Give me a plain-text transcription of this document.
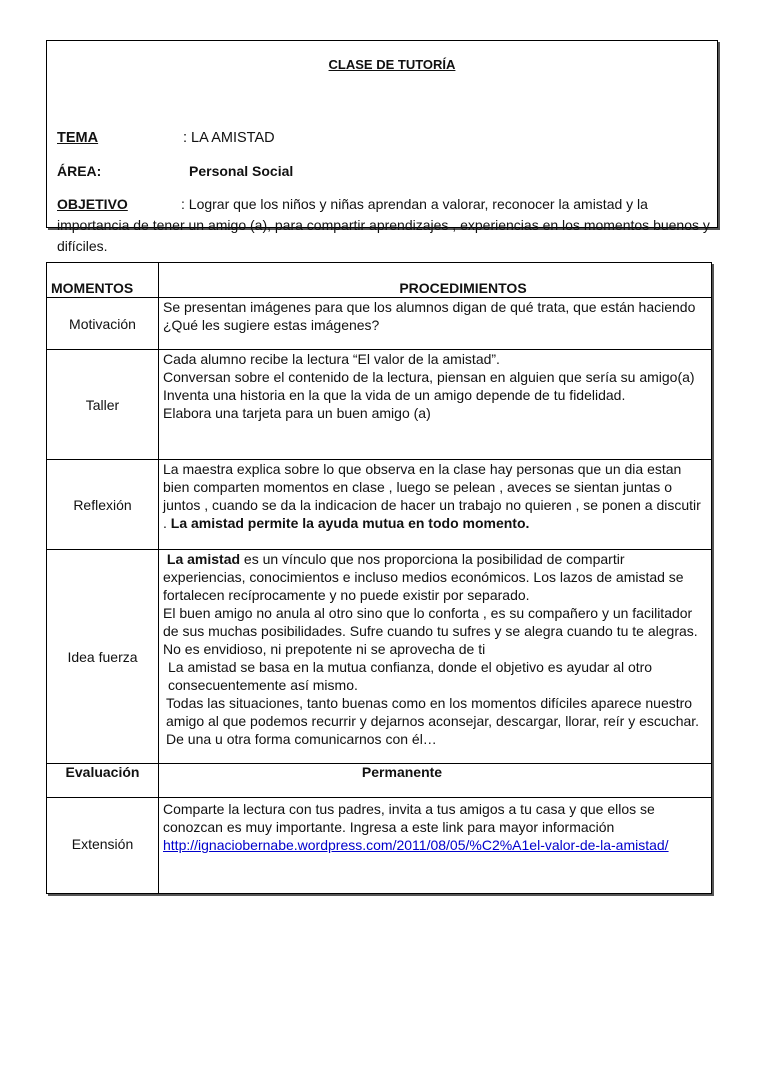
CLASE DE TUTORÍA
TEMA	: LA AMISTAD
ÁREA:	Personal Social
OBJETIVO	: Lograr que los niños y niñas aprendan a valorar, reconocer la amistad y la importancia de tener un amigo (a), para compartir aprendizajes , experiencias en los momentos buenos y difíciles.
MOMENTOS	PROCEDIMIENTOS
Motivación	Se presentan imágenes para que los alumnos digan de qué trata, que están haciendo ¿Qué les sugiere estas imágenes?
Taller	Cada alumno recibe la lectura “El valor de la amistad”.
Conversan sobre el contenido de la lectura, piensan en alguien que sería su amigo(a)
Inventa una historia en la que la vida de un amigo depende de tu fidelidad.
Elabora una tarjeta para un buen amigo (a)

Reflexión	La maestra explica sobre lo que observa en la clase hay personas que un dia estan bien comparten momentos en clase , luego se pelean , aveces se sientan juntas o juntos , cuando se da la indicacion de hacer un trabajo no quieren , se ponen a discutir . La amistad permite la ayuda mutua en todo momento.
Idea fuerza	La amistad es un vínculo que nos proporciona la posibilidad de compartir experiencias, conocimientos e incluso medios económicos. Los lazos de amistad se fortalecen recíprocamente y no puede existir por separado.
El buen amigo no anula al otro sino que lo conforta , es su compañero y un facilitador de sus muchas posibilidades. Sufre cuando tu sufres y se alegra cuando tu te alegras. No es envidioso, ni prepotente ni se aprovecha de ti
La amistad se basa en la mutua confianza, donde el objetivo es ayudar al otro consecuentemente así mismo.
Todas las situaciones, tanto buenas como en los momentos difíciles aparece nuestro amigo al que podemos recurrir y dejarnos aconsejar, descargar, llorar, reír y escuchar. De una u otra forma comunicarnos con él…

Evaluación	Permanente
Extensión	Comparte la lectura con tus padres, invita a tus amigos a tu casa y que ellos se conozcan es muy importante. Ingresa a este link para mayor información http://ignaciobernabe.wordpress.com/2011/08/05/%C2%A1el-valor-de-la-amistad/
